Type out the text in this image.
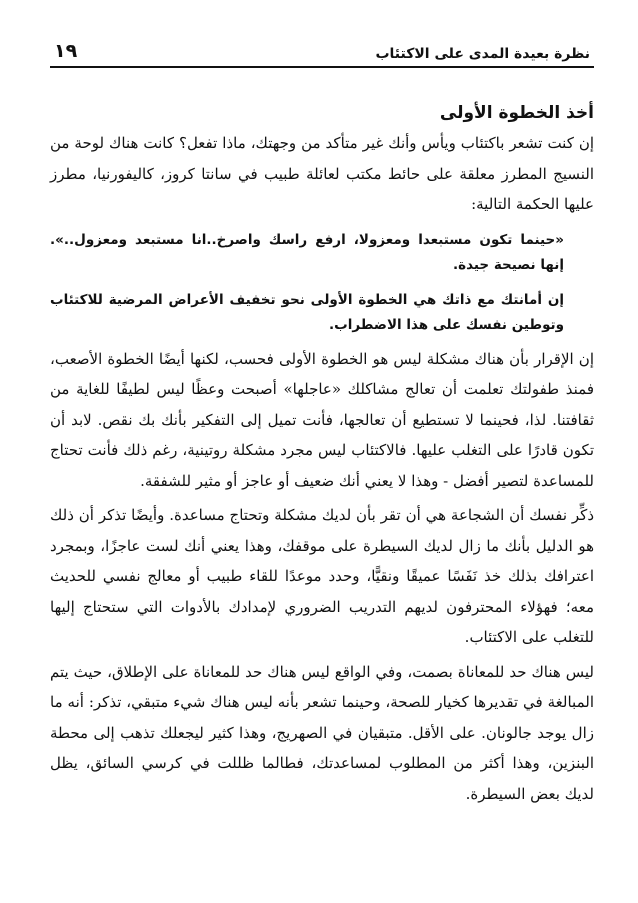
نظرة بعيدة المدى على الاكتئاب
١٩
أخذ الخطوة الأولى

إن كنت تشعر باكتئاب ويأس وأنك غير متأكد من وجهتك، ماذا تفعل؟ كانت هناك لوحة من النسيج المطرز معلقة على حائط مكتب لعائلة طبيب في سانتا كروز، كاليفورنيا، مطرز عليها الحكمة التالية:

«حينما تكون مستبعدا ومعزولا، ارفع راسك واصرخ..انا مستبعد ومعزول..». إنها نصيحة جيدة.

إن أمانتك مع ذاتك هي الخطوة الأولى نحو تخفيف الأعراض المرضية للاكتئاب وتوطين نفسك على هذا الاضطراب.

إن الإقرار بأن هناك مشكلة ليس هو الخطوة الأولى فحسب، لكنها أيضًا الخطوة الأصعب، فمنذ طفولتك تعلمت أن تعالج مشاكلك «عاجلها» أصبحت وعظًا ليس لطيفًا للغاية من ثقافتنا. لذا، فحينما لا تستطيع أن تعالجها، فأنت تميل إلى التفكير بأنك بك نقص. لابد أن تكون قادرًا على التغلب عليها. فالاكتئاب ليس مجرد مشكلة روتينية، رغم ذلك فأنت تحتاج للمساعدة لتصير أفضل - وهذا لا يعني أنك ضعيف أو عاجز أو مثير للشفقة.

ذكِّر نفسك أن الشجاعة هي أن تقر بأن لديك مشكلة وتحتاج مساعدة. وأيضًا تذكر أن ذلك هو الدليل بأنك ما زال لديك السيطرة على موقفك، وهذا يعني أنك لست عاجزًا، وبمجرد اعترافك بذلك خذ نَفَسًا عميقًا ونقيًّا، وحدد موعدًا للقاء طبيب أو معالج نفسي للحديث معه؛ فهؤلاء المحترفون لديهم التدريب الضروري لإمدادك بالأدوات التي ستحتاج إليها للتغلب على الاكتئاب.

ليس هناك حد للمعاناة بصمت، وفي الواقع ليس هناك حد للمعاناة على الإطلاق، حيث يتم المبالغة في تقديرها كخيار للصحة، وحينما تشعر بأنه ليس هناك شيء متبقي، تذكر: أنه ما زال يوجد جالونان. على الأقل. متبقيان في الصهريج، وهذا كثير ليجعلك تذهب إلى محطة البنزين، وهذا أكثر من المطلوب لمساعدتك، فطالما ظللت في كرسي السائق، يظل لديك بعض السيطرة.
